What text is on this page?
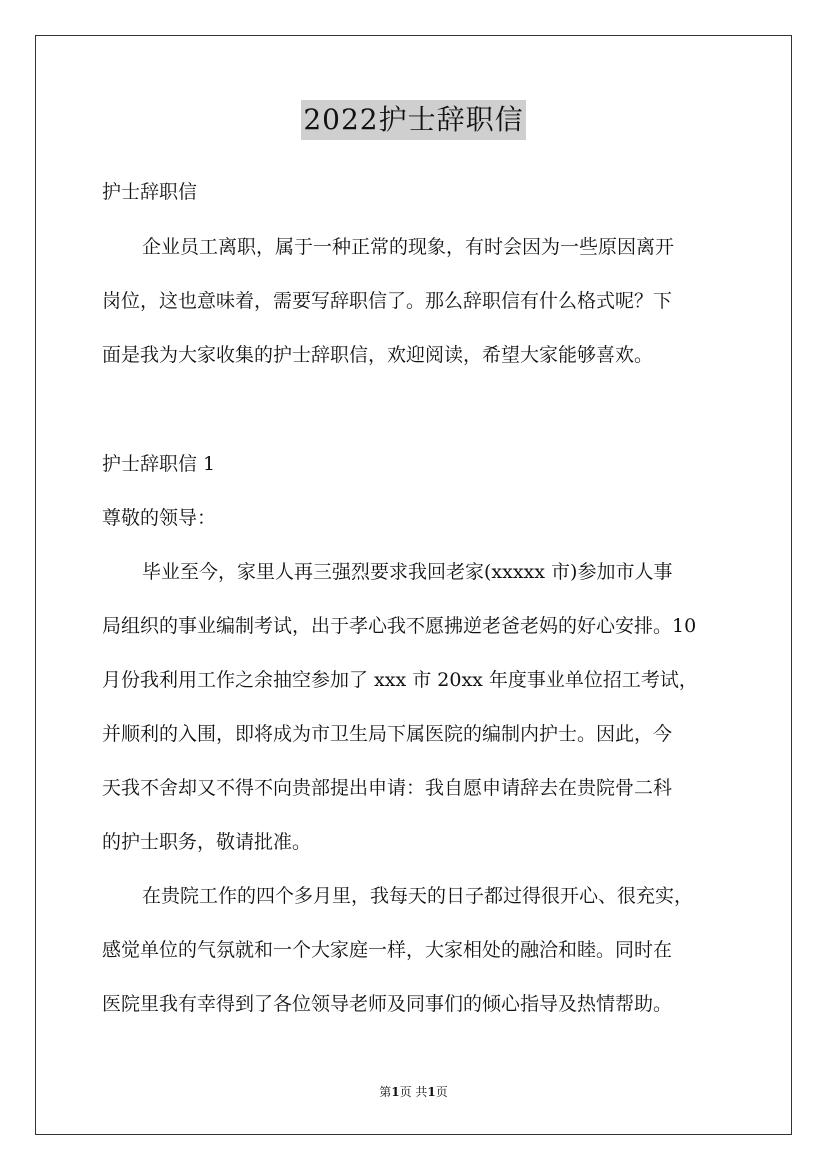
2022护士辞职信
护士辞职信
企业员工离职，属于一种正常的现象，有时会因为一些原因离开
岗位，这也意味着，需要写辞职信了。那么辞职信有什么格式呢？下
面是我为大家收集的护士辞职信，欢迎阅读，希望大家能够喜欢。
护士辞职信 1
尊敬的领导：
毕业至今，家里人再三强烈要求我回老家(xxxxx 市)参加市人事
局组织的事业编制考试，出于孝心我不愿拂逆老爸老妈的好心安排。10
月份我利用工作之余抽空参加了 xxx 市 20xx 年度事业单位招工考试，
并顺利的入围，即将成为市卫生局下属医院的编制内护士。因此，今
天我不舍却又不得不向贵部提出申请：我自愿申请辞去在贵院骨二科
的护士职务，敬请批准。
在贵院工作的四个多月里，我每天的日子都过得很开心、很充实，
感觉单位的气氛就和一个大家庭一样，大家相处的融洽和睦。同时在
医院里我有幸得到了各位领导老师及同事们的倾心指导及热情帮助。
第1页 共1页
